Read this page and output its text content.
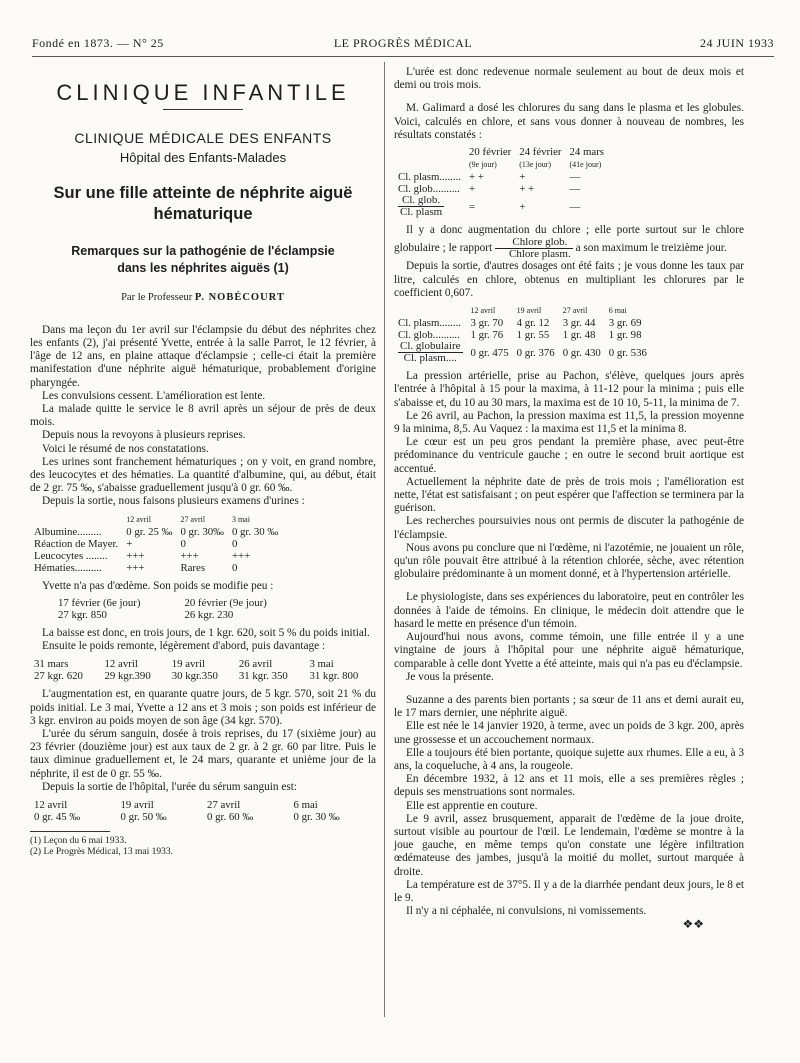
Fondé en 1873. — N° 25	LE PROGRÈS MÉDICAL	24 JUIN 1933
CLINIQUE INFANTILE
CLINIQUE MÉDICALE DES ENFANTS
Hôpital des Enfants-Malades
Sur une fille atteinte de néphrite aiguë
hématurique
Remarques sur la pathogénie de l'éclampsie
dans les néphrites aiguës (1)
Par le Professeur P. NOBÉCOURT

Dans ma leçon du 1er avril sur l'éclampsie du début des néphrites chez les enfants (2), j'ai présenté Yvette, entrée à la salle Parrot, le 12 février, à l'âge de 12 ans, en plaine attaque d'éclampsie ; celle-ci était la première manifestation d'une néphrite aiguë hématurique, probablement d'origine pharyngée.

Les convulsions cessent. L'amélioration est lente.

La malade quitte le service le 8 avril après un séjour de près de deux mois.

Depuis nous la revoyons à plusieurs reprises.

Voici le résumé de nos constatations.

Les urines sont franchement hématuriques ; on y voit, en grand nombre, des leucocytes et des hématies. La quantité d'albumine, qui, au début, était de 2 gr. 75 ‰, s'abaisse graduellement jusqu'à 0 gr. 60 ‰.

Depuis la sortie, nous faisons plusieurs examens d'urines :

	12 avril	27 avril	3 mai
Albumine.........	0 gr. 25 ‰	0 gr. 30‰	0 gr. 30 ‰
Réaction de Mayer.	+	0	0
Leucocytes ........	+++	+++	+++
Hématies..........	+++	Rares	0

Yvette n'a pas d'œdème. Son poids se modifie peu :

17 février (6e jour)	20 février (9e jour)
27 kgr. 850	26 kgr. 230

La baisse est donc, en trois jours, de 1 kgr. 620, soit 5 % du poids initial.

Ensuite le poids remonte, légèrement d'abord, puis davantage :

31 mars	12 avril	19 avril	26 avril	3 mai
27 kgr. 620	29 kgr.390	30 kgr.350	31 kgr. 350	31 kgr. 800

L'augmentation est, en quarante quatre jours, de 5 kgr. 570, soit 21 % du poids initial. Le 3 mai, Yvette a 12 ans et 3 mois ; son poids est inférieur de 3 kgr. environ au poids moyen de son âge (34 kgr. 570).

L'urée du sérum sanguin, dosée à trois reprises, du 17 (sixième jour) au 23 février (douzième jour) est aux taux de 2 gr. à 2 gr. 60 par litre. Puis le taux diminue graduellement et, le 24 mars, quarante et unième jour de la néphrite, il est de 0 gr. 55 ‰.

Depuis la sortie de l'hôpital, l'urée du sérum sanguin est:

12 avril	19 avril	27 avril	6 mai
0 gr. 45 ‰	0 gr. 50 ‰	0 gr. 60 ‰	0 gr. 30 ‰
(1) Leçon du 6 mai 1933.
(2) Le Progrès Médical, 13 mai 1933.

L'urée est donc redevenue normale seulement au bout de deux mois et demi ou trois mois.

M. Galimard a dosé les chlorures du sang dans le plasma et les globules. Voici, calculés en chlore, et sans vous donner à nouveau de nombres, les résultats constatés :

	20 février	24 février	24 mars
	(9e jour)	(13e jour)	(41e jour)
Cl. plasm........	+ +	+	—
Cl. glob..........	+	+ +	—

$\frac{\text{Cl. glob.}}{\text{Cl. plasm}}$	=	+	—

Il y a donc augmentation du chlore ; elle porte surtout sur le chlore globulaire ; le rapport $\frac{\text{Chlore glob.}}{\text{Chlore plasm.}}$ a son maximum le treizième jour.

Depuis la sortie, d'autres dosages ont été faits ; je vous donne les taux par litre, calculés en chlore, obtenus en multipliant les chlorures par le coefficient 0,607.

	12 avril	19 avril	27 avril	6 mai
Cl. plasm........	3 gr. 70	4 gr. 12	3 gr. 44	3 gr. 69
Cl. glob..........	1 gr. 76	1 gr. 55	1 gr. 48	1 gr. 98

$\frac{\text{Cl. globulaire}}{\text{Cl. plasm....}}$	0 gr. 475	0 gr. 376	0 gr. 430	0 gr. 536

La pression artérielle, prise au Pachon, s'élève, quelques jours après l'entrée à l'hôpital à 15 pour la maxima, à 11-12 pour la minima ; puis elle s'abaisse et, du 10 au 30 mars, la maxima est de 10 10, 5-11, la minima de 7.

Le 26 avril, au Pachon, la pression maxima est 11,5, la pression moyenne 9 la minima, 8,5. Au Vaquez : la maxima est 11,5 et la minima 8.

Le cœur est un peu gros pendant la première phase, avec peut-être prédominance du ventricule gauche ; en outre le second bruit aortique est accentué.

Actuellement la néphrite date de près de trois mois ; l'amélioration est nette, l'état est satisfaisant ; on peut espérer que l'affection se terminera par la guérison.

Les recherches poursuivies nous ont permis de discuter la pathogénie de l'éclampsie.

Nous avons pu conclure que ni l'œdème, ni l'azotémie, ne jouaient un rôle, qu'un rôle pouvait être attribué à la rétention chlorée, sèche, avec rétention globulaire prédominante à un moment donné, et à l'hypertension artérielle.

Le physiologiste, dans ses expériences du laboratoire, peut en contrôler les données à l'aide de témoins. En clinique, le médecin doit attendre que le hasard le mette en présence d'un témoin.

Aujourd'hui nous avons, comme témoin, une fille entrée il y a une vingtaine de jours à l'hôpital pour une néphrite aiguë hématurique, comparable à celle dont Yvette a été atteinte, mais qui n'a pas eu d'éclampsie.

Je vous la présente.

Suzanne a des parents bien portants ; sa sœur de 11 ans et demi aurait eu, le 17 mars dernier, une néphrite aiguë.

Elle est née le 14 janvier 1920, à terme, avec un poids de 3 kgr. 200, après une grossesse et un accouchement normaux.

Elle a toujours été bien portante, quoique sujette aux rhumes. Elle a eu, à 3 ans, la coqueluche, à 4 ans, la rougeole.

En décembre 1932, à 12 ans et 11 mois, elle a ses premières règles ; depuis ses menstruations sont normales.

Elle est apprentie en couture.

Le 9 avril, assez brusquement, apparait de l'œdème de la joue droite, surtout visible au pourtour de l'œil. Le lendemain, l'œdème se montre à la joue gauche, en même temps qu'on constate une légère infiltration œdémateuse des jambes, jusqu'à la moitié du mollet, surtout marquée à droite.

La température est de 37°5. Il y a de la diarrhée pendant deux jours, le 8 et le 9.

Il n'y a ni céphalée, ni convulsions, ni vomissements.

❖❖
